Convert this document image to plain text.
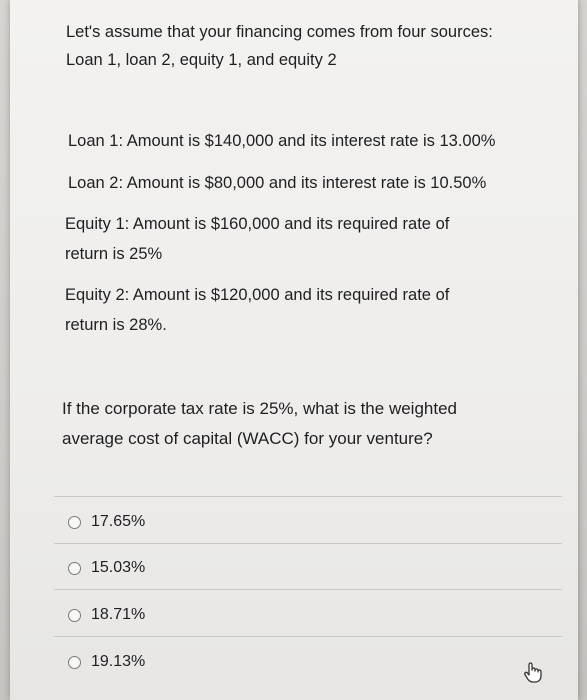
Let's assume that your financing comes from four sources:
Loan 1, loan 2, equity 1, and equity 2
Loan 1: Amount is $140,000 and its interest rate is 13.00%
Loan 2: Amount is $80,000 and its interest rate is 10.50%
Equity 1: Amount is $160,000 and its required rate of
return is 25%
Equity 2: Amount is $120,000 and its required rate of
return is 28%.
If the corporate tax rate is 25%, what is the weighted
average cost of capital (WACC) for your venture?
17.65%
15.03%
18.71%
19.13%
